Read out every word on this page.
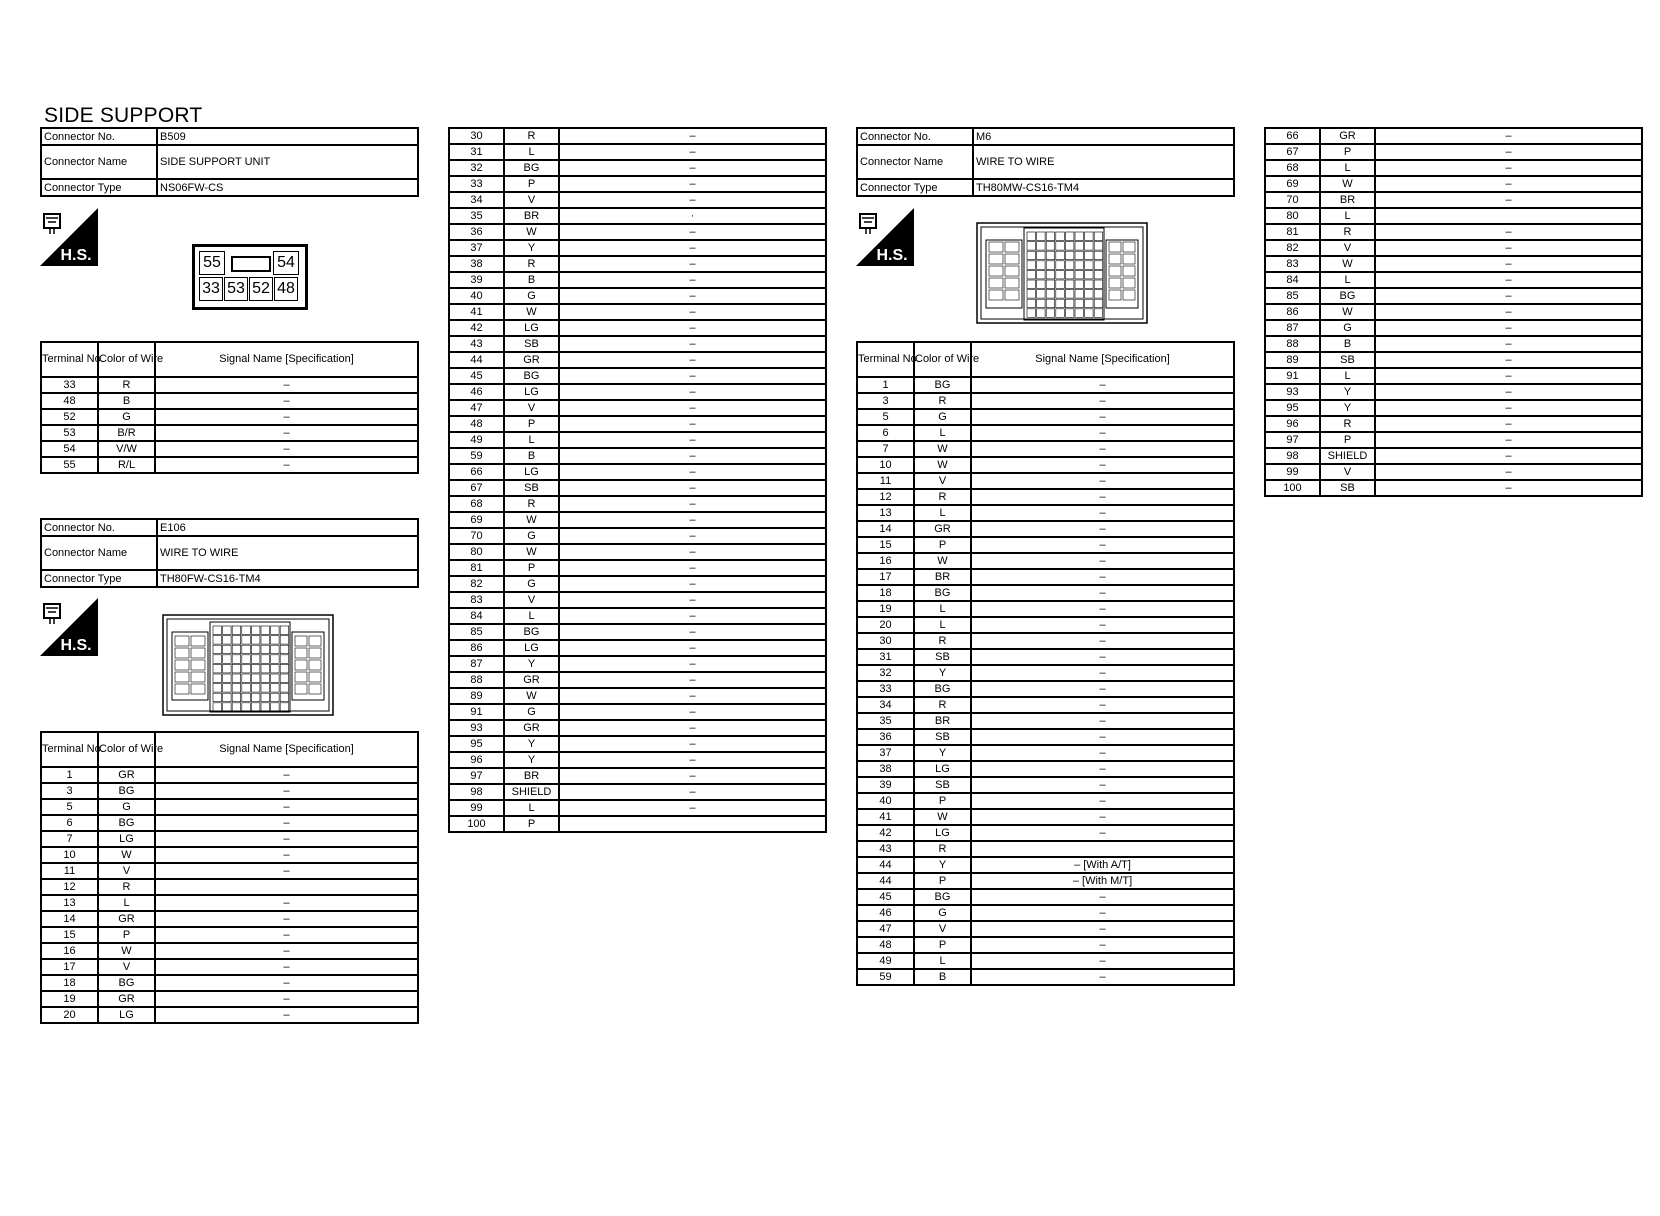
SIDE SUPPORT
Connector No.	B509
Connector Name	SIDE SUPPORT UNIT
Connector Type	NS06FW-CS
H.S.	55	54
33 53 52 48
Terminal No.	Color of Wire	Signal Name [Specification]
33	R	–
48	B	–
52	G	–
53	B/R	–
54	V/W	–
55	R/L	–
Connector No.	E106
Connector Name	WIRE TO WIRE
Connector Type	TH80FW-CS16-TM4
H.S.
Terminal No.	Color of Wire	Signal Name [Specification]
1	GR	–
3	BG	–
5	G	–
6	BG	–
7	LG	–
10	W	–
11	V	–
12	R	
13	L	–
14	GR	–
15	P	–
16	W	–
17	V	–
18	BG	–
19	GR	–
20	LG	–
30	R	–
31	L	–
32	BG	–
33	P	–
34	V	–
35	BR	·
36	W	–
37	Y	–
38	R	–
39	B	–
40	G	–
41	W	–
42	LG	–
43	SB	–
44	GR	–
45	BG	–
46	LG	–
47	V	–
48	P	–
49	L	–
59	B	–
66	LG	–
67	SB	–
68	R	–
69	W	–
70	G	–
80	W	–
81	P	–
82	G	–
83	V	–
84	L	–
85	BG	–
86	LG	–
87	Y	–
88	GR	–
89	W	–
91	G	–
93	GR	–
95	Y	–
96	Y	–
97	BR	–
98	SHIELD	–
99	L	–
100	P	
Connector No.	M6
Connector Name	WIRE TO WIRE
Connector Type	TH80MW-CS16-TM4
H.S.
Terminal No.	Color of Wire	Signal Name [Specification]
1	BG	–
3	R	–
5	G	–
6	L	–
7	W	–
10	W	–
11	V	–
12	R	–
13	L	–
14	GR	–
15	P	–
16	W	–
17	BR	–
18	BG	–
19	L	–
20	L	–
30	R	–
31	SB	–
32	Y	–
33	BG	–
34	R	–
35	BR	–
36	SB	–
37	Y	–
38	LG	–
39	SB	–
40	P	–
41	W	–
42	LG	–
43	R	
44	Y	– [With A/T]
44	P	– [With M/T]
45	BG	–
46	G	–
47	V	–
48	P	–
49	L	–
59	B	–
66	GR	–
67	P	–
68	L	–
69	W	–
70	BR	–
80	L	
81	R	–
82	V	–
83	W	–
84	L	–
85	BG	–
86	W	–
87	G	–
88	B	–
89	SB	–
91	L	–
93	Y	–
95	Y	–
96	R	–
97	P	–
98	SHIELD	–
99	V	–
100	SB	–
